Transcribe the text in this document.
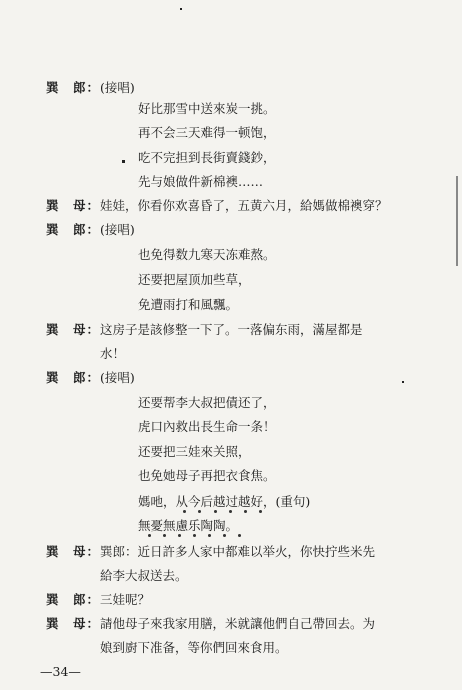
巽　郎： (接唱)
好比那雪中送來炭一挑。
再不会三天难得一顿饱，
吃不完担到長街賣錢鈔，
先与娘做件新棉襖……
巽　母： 娃娃，你看你欢喜昏了，五黄六月，給媽做棉襖穿？
巽　郎： (接唱)
也免得数九寒天冻难熬。
还要把屋顶加些草，
免遭雨打和風飄。
巽　母： 这房子是該修整一下了。一落偏东雨，滿屋都是
水！
巽　郎： (接唱)
还要帮李大叔把債还了，
虎口內救出長生命一条！
还要把三娃來关照，
也免她母子再把衣食焦。
媽吔，从今后越过越好，(重句)
無憂無慮乐陶陶。
巽　母： 巽郎：近日許多人家中都难以举火，你快拧些米先
給李大叔送去。
巽　郎： 三娃呢？
巽　母： 請他母子來我家用膳，米就讓他們自己帶回去。为
娘到廚下准备，等你們回來食用。
—34—
